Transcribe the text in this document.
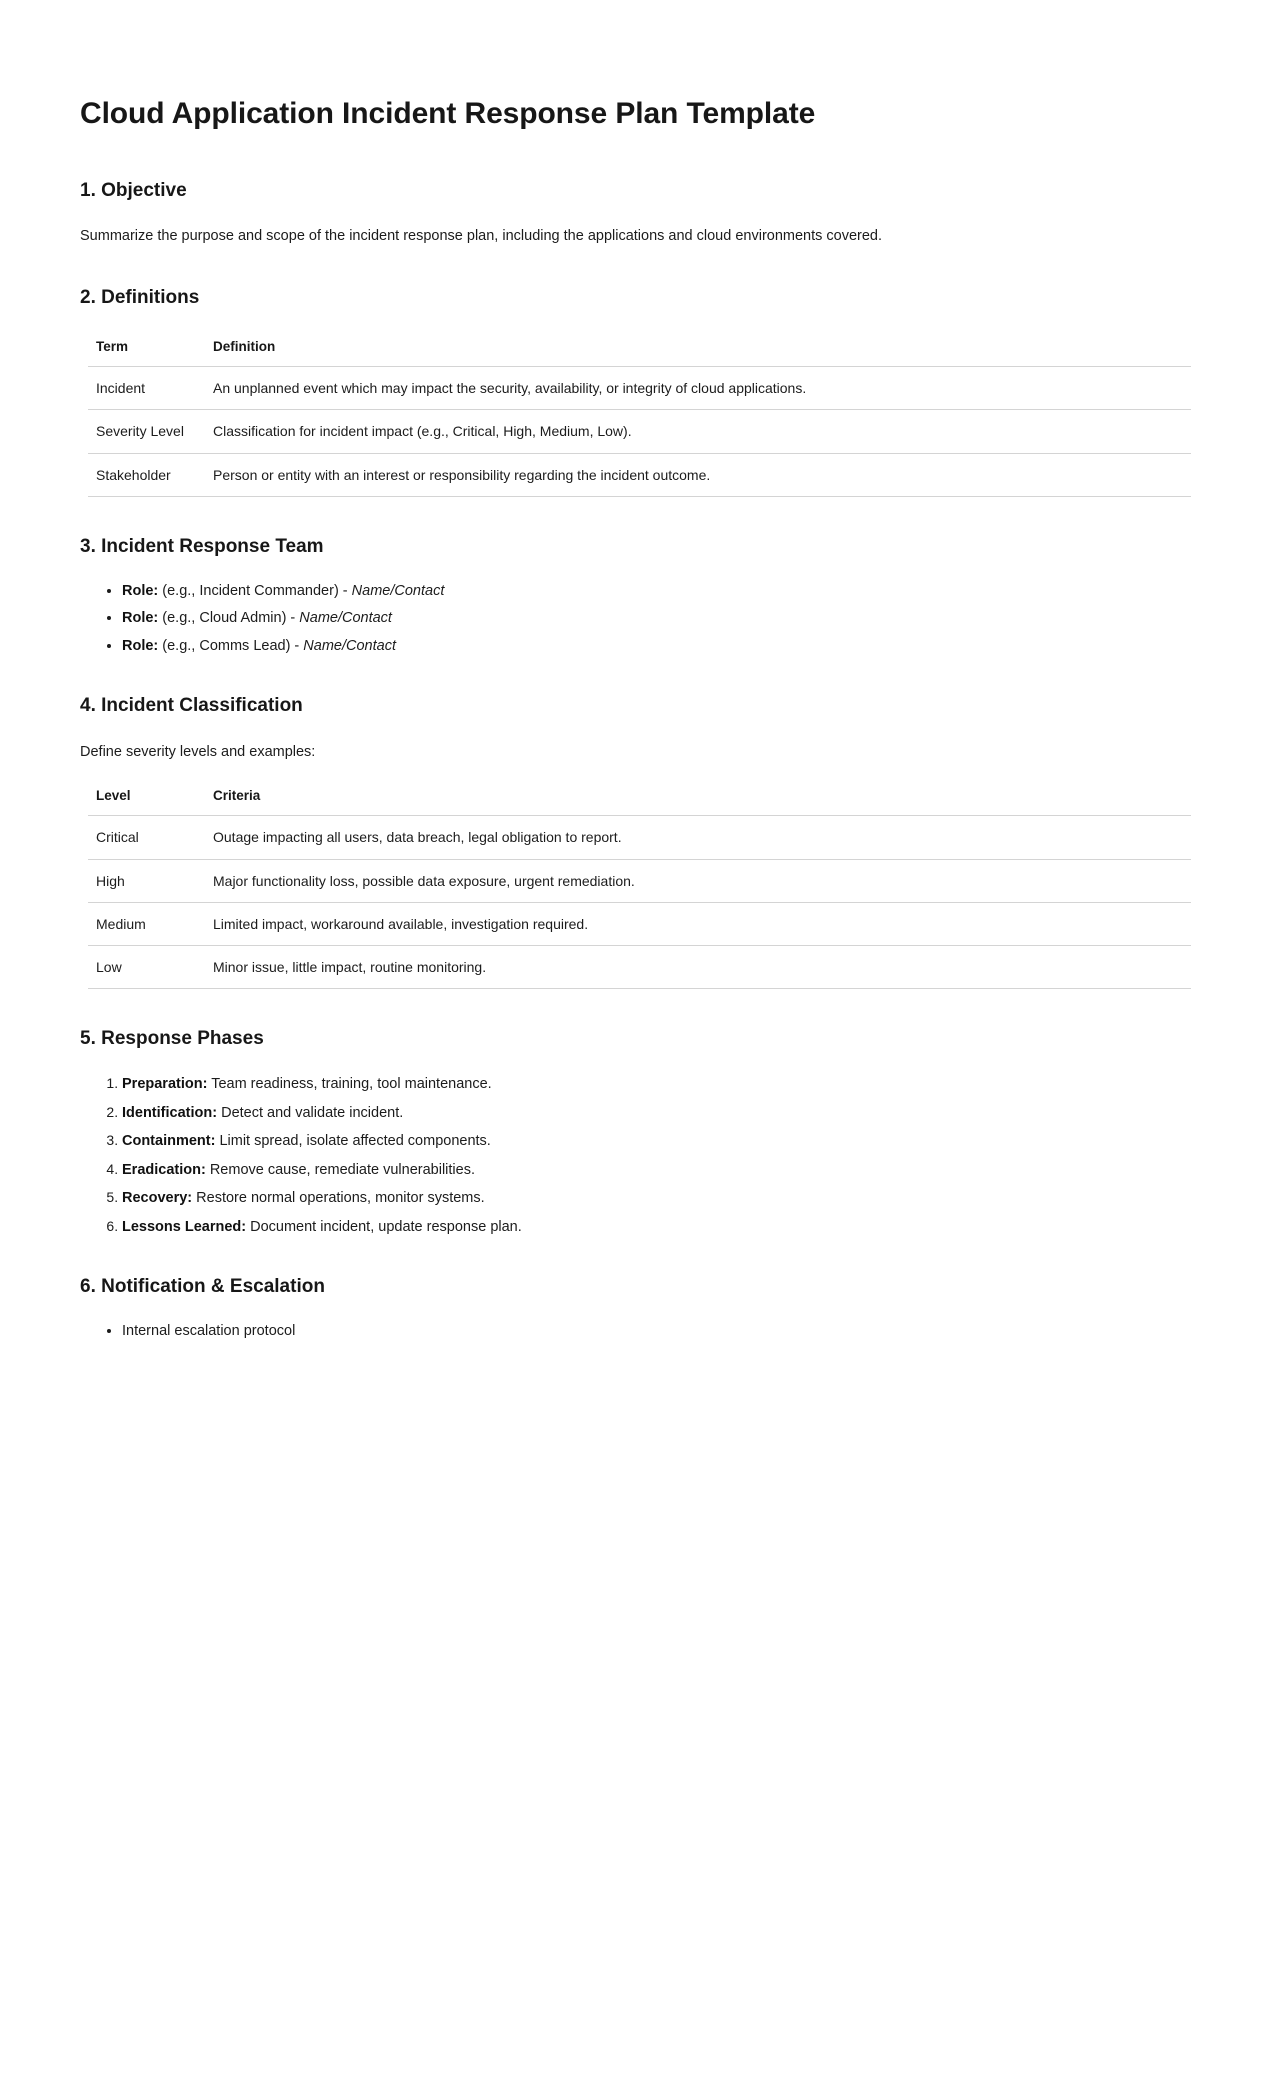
Cloud Application Incident Response Plan Template
1. Objective

Summarize the purpose and scope of the incident response plan, including the applications and cloud environments covered.

2. Definitions
Term	Definition
Incident	An unplanned event which may impact the security, availability, or integrity of cloud applications.
Severity Level	Classification for incident impact (e.g., Critical, High, Medium, Low).
Stakeholder	Person or entity with an interest or responsibility regarding the incident outcome.
3. Incident Response Team
• Role: (e.g., Incident Commander) - Name/Contact
• Role: (e.g., Cloud Admin) - Name/Contact
• Role: (e.g., Comms Lead) - Name/Contact
4. Incident Classification

Define severity levels and examples:

Level	Criteria
Critical	Outage impacting all users, data breach, legal obligation to report.
High	Major functionality loss, possible data exposure, urgent remediation.
Medium	Limited impact, workaround available, investigation required.
Low	Minor issue, little impact, routine monitoring.
5. Response Phases
1. Preparation: Team readiness, training, tool maintenance.
2. Identification: Detect and validate incident.
3. Containment: Limit spread, isolate affected components.
4. Eradication: Remove cause, remediate vulnerabilities.
5. Recovery: Restore normal operations, monitor systems.
6. Lessons Learned: Document incident, update response plan.
6. Notification & Escalation
• Internal escalation protocol
